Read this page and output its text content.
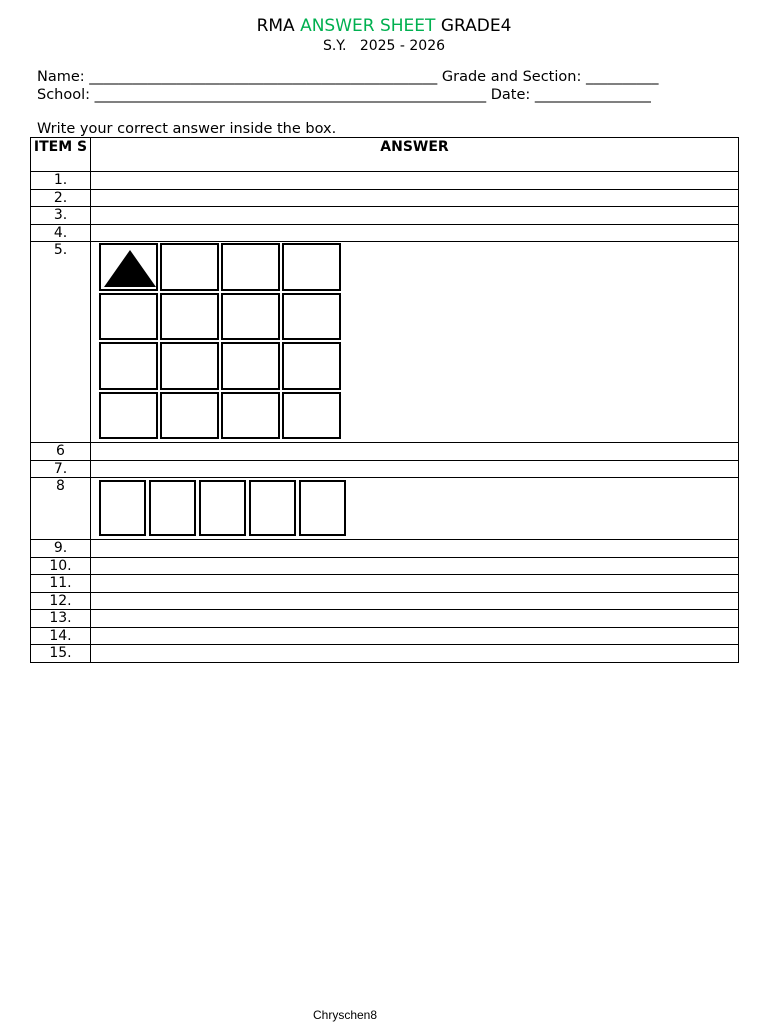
RMA ANSWER SHEET GRADE4
S.Y.   2025 - 2026
Name: ________________________________________________ Grade and Section: __________
School: ______________________________________________________ Date: ________________
Write your correct answer inside the box.
ITEM S	ANSWER
1.	
2.	
3.	
4.	
5.	

6	
7.	
8	

9.	
10.	
11.	
12.	
13.	
14.	
15.	
Chryschen8
